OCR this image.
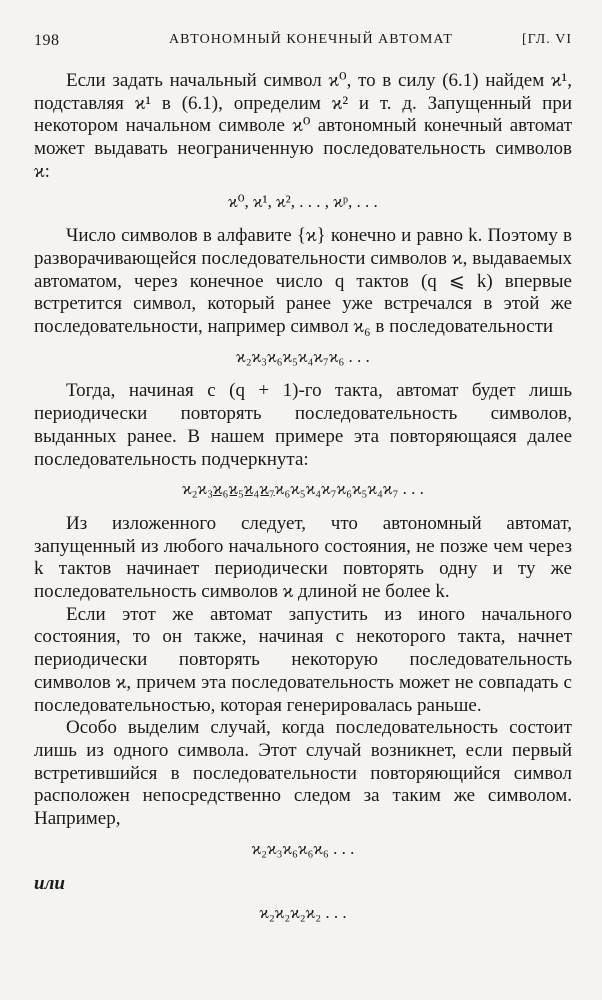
198	АВТОНОМНЫЙ КОНЕЧНЫЙ АВТОМАТ	[ГЛ. VI

Если задать начальный символ ϰ⁰, то в силу (6.1) найдем ϰ¹, подставляя ϰ¹ в (6.1), определим ϰ² и т. д. Запущенный при некотором начальном символе ϰ⁰ автономный конечный автомат может выдавать неограниченную последовательность символов ϰ:

ϰ⁰, ϰ¹, ϰ², . . . , ϰᵖ, . . .

Число символов в алфавите {ϰ} конечно и равно k. Поэтому в разворачивающейся последовательности символов ϰ, выдаваемых автоматом, через конечное число q тактов (q ⩽ k) впервые встретится символ, который ранее уже встречался в этой же последовательности, например символ ϰ₆ в последовательности

ϰ₂ϰ₃ϰ₆ϰ₅ϰ₄ϰ₇ϰ₆ . . .

Тогда, начиная с (q + 1)-го такта, автомат будет лишь периодически повторять последовательность символов, выданных ранее. В нашем примере эта повторяющаяся далее последовательность подчеркнута:

ϰ₂ϰ₃ϰ₆ϰ₅ϰ₄ϰ₇ϰ₆ϰ₅ϰ₄ϰ₇ϰ₆ϰ₅ϰ₄ϰ₇ . . .

Из изложенного следует, что автономный автомат, запущенный из любого начального состояния, не позже чем через k тактов начинает периодически повторять одну и ту же последовательность символов ϰ длиной не более k.

Если этот же автомат запустить из иного начального состояния, то он также, начиная с некоторого такта, начнет периодически повторять некоторую последовательность символов ϰ, причем эта последовательность может не совпадать с последовательностью, которая генерировалась раньше.

Особо выделим случай, когда последовательность состоит лишь из одного символа. Этот случай возникнет, если первый встретившийся в последовательности повторяющийся символ расположен непосредственно следом за таким же символом. Например,

ϰ₂ϰ₃ϰ₆ϰ₆ϰ₆ . . .
или
ϰ₂ϰ₂ϰ₂ϰ₂ . . .
